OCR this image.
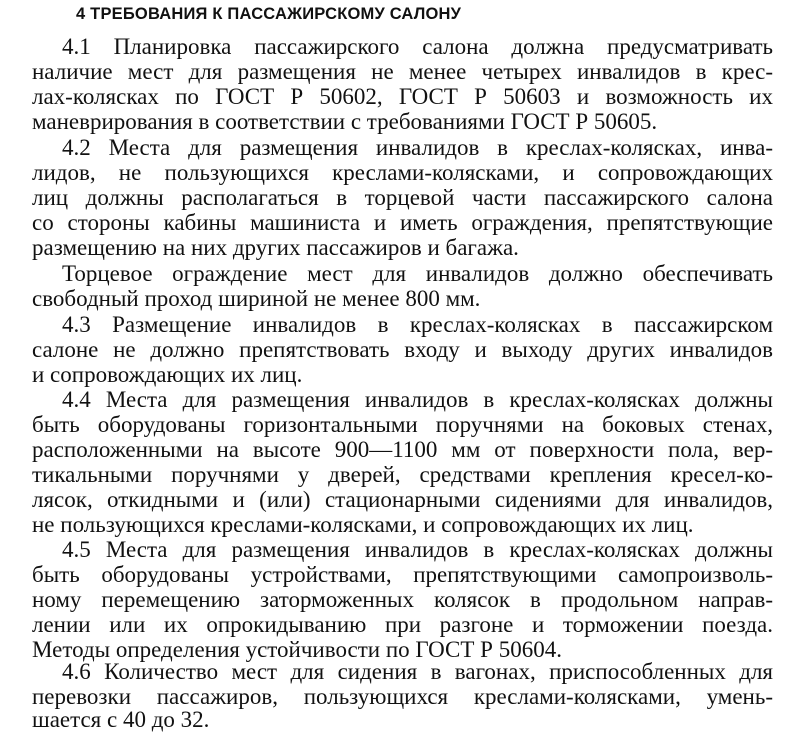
4 ТРЕБОВАНИЯ К ПАССАЖИРСКОМУ САЛОНУ
4.1 Планировка пассажирского салона должна предусматривать
наличие мест для размещения не менее четырех инвалидов в крес-
лах-колясках по ГОСТ Р 50602, ГОСТ Р 50603 и возможность их
маневрирования в соответствии с требованиями ГОСТ Р 50605.
4.2 Места для размещения инвалидов в креслах-колясках, инва-
лидов, не пользующихся креслами-колясками, и сопровождающих
лиц должны располагаться в торцевой части пассажирского салона
со стороны кабины машиниста и иметь ограждения, препятствующие
размещению на них других пассажиров и багажа.
Торцевое ограждение мест для инвалидов должно обеспечивать
свободный проход шириной не менее 800 мм.
4.3 Размещение инвалидов в креслах-колясках в пассажирском
салоне не должно препятствовать входу и выходу других инвалидов
и сопровождающих их лиц.
4.4 Места для размещения инвалидов в креслах-колясках должны
быть оборудованы горизонтальными поручнями на боковых стенах,
расположенными на высоте 900—1100 мм от поверхности пола, вер-
тикальными поручнями у дверей, средствами крепления кресел-ко-
лясок, откидными и (или) стационарными сидениями для инвалидов,
не пользующихся креслами-колясками, и сопровождающих их лиц.
4.5 Места для размещения инвалидов в креслах-колясках должны
быть оборудованы устройствами, препятствующими самопроизволь-
ному перемещению заторможенных колясок в продольном направ-
лении или их опрокидыванию при разгоне и торможении поезда.
Методы определения устойчивости по ГОСТ Р 50604.
4.6 Количество мест для сидения в вагонах, приспособленных для
перевозки пассажиров, пользующихся креслами-колясками, умень-
шается с 40 до 32.
